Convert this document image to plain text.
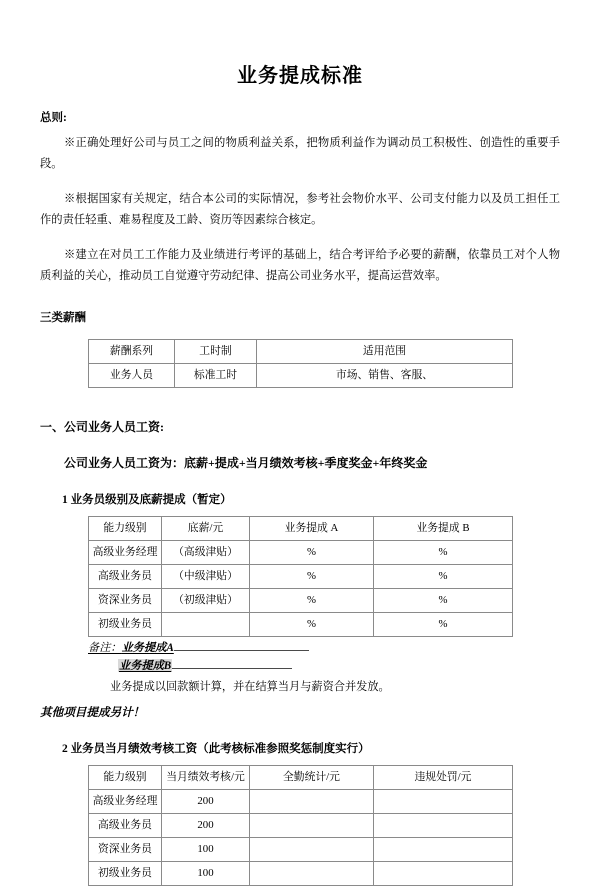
业务提成标准
总则:

※正确处理好公司与员工之间的物质利益关系，把物质利益作为调动员工积极性、创造性的重要手段。

※根据国家有关规定，结合本公司的实际情况，参考社会物价水平、公司支付能力以及员工担任工作的责任轻重、难易程度及工龄、资历等因素综合核定。

※建立在对员工工作能力及业绩进行考评的基础上，结合考评给予必要的薪酬，依靠员工对个人物质利益的关心，推动员工自觉遵守劳动纪律、提高公司业务水平，提高运营效率。

三类薪酬
薪酬系列	工时制	适用范围
业务人员	标准工时	市场、销售、客服、
一、公司业务人员工资:
公司业务人员工资为：底薪+提成+当月绩效考核+季度奖金+年终奖金
1 业务员级别及底薪提成（暂定）
能力级别	底薪/元	业务提成 A	业务提成 B
高级业务经理	（高级津贴）	%	%
高级业务员	（中级津贴）	%	%
资深业务员	（初级津贴）	%	%
初级业务员		%	%
备注：业务提成A
业务提成B
业务提成以回款额计算，并在结算当月与薪资合并发放。
其他项目提成另计！
2 业务员当月绩效考核工资（此考核标准参照奖惩制度实行）
能力级别	当月绩效考核/元	全勤统计/元	违规处罚/元
高级业务经理	200		
高级业务员	200		
资深业务员	100		
初级业务员	100		
